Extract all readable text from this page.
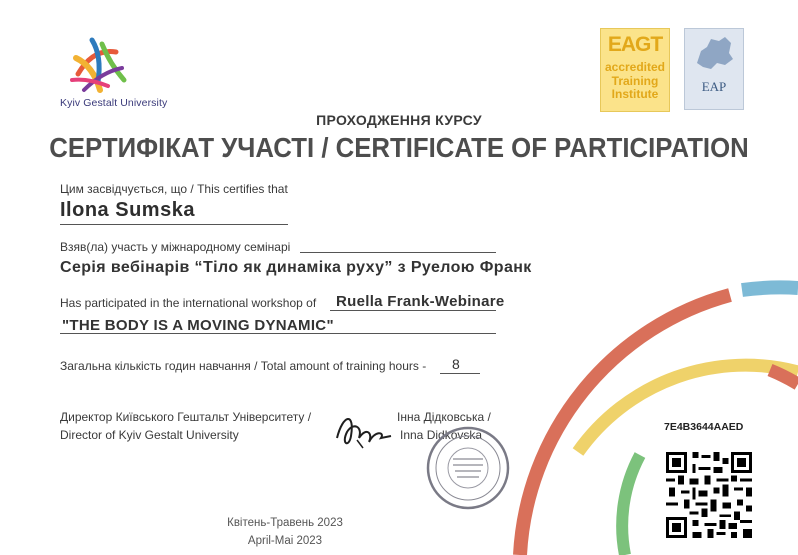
Kyiv Gestalt University
EAGT
accredited
Training Institute	EAP
ПРОХОДЖЕННЯ КУРСУ
СЕРТИФІКАТ УЧАСТІ / CERTIFICATE OF PARTICIPATION
Цим засвідчується, що / This certifies that
Ilona Sumska
Взяв(ла) участь у міжнародному семінарі
Серія вебінарів “Тіло як динаміка руху” з Руелою Франк
Has participated in the international workshop of Ruella Frank-Webinare
"THE BODY IS A MOVING DYNAMIC"
Загальна кількість годин навчання / Total amount of training hours - 8
Директор Київського Гештальт Університету /
Director of Kyiv Gestalt University
Інна Дідковська /
Inna Didkovska
Квітень-Травень 2023
April-Mai 2023
7E4B3644AAED
